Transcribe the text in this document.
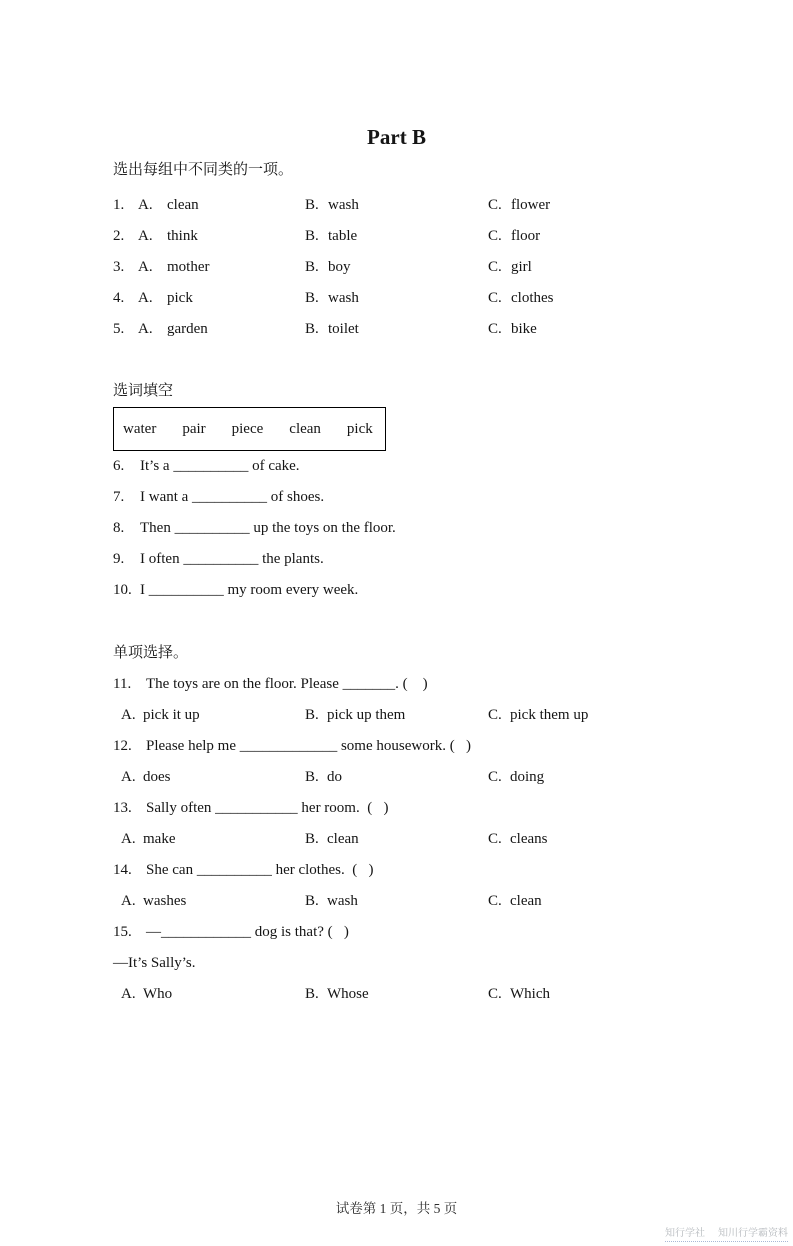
Part B
选出每组中不同类的一项。
1. A. clean	B. wash	C. flower
2. A. think	B. table	C. floor
3. A. mother	B. boy	C. girl
4. A. pick	B. wash	C. clothes
5. A. garden	B. toilet	C. bike
选词填空
water pair piece clean pick
6. It’s a __________ of cake.
7. I want a __________ of shoes.
8. Then __________ up the toys on the floor.
9. I often __________ the plants.
10. I __________ my room every week.
单项选择。
11. The toys are on the floor. Please _______. (    )
A. pick it up	B. pick up them	C. pick them up
12. Please help me _____________ some housework. (   )
A. does	B. do	C. doing
13. Sally often ___________ her room.  (   )
A. make	B. clean	C. cleans
14. She can __________ her clothes.  (   )
A. washes	B. wash	C. clean
15. —____________ dog is that? (   )
—It’s Sally’s.
A. Who	B. Whose	C. Which
试卷第 1 页，共 5 页
知行学社 知川行学霸资料
